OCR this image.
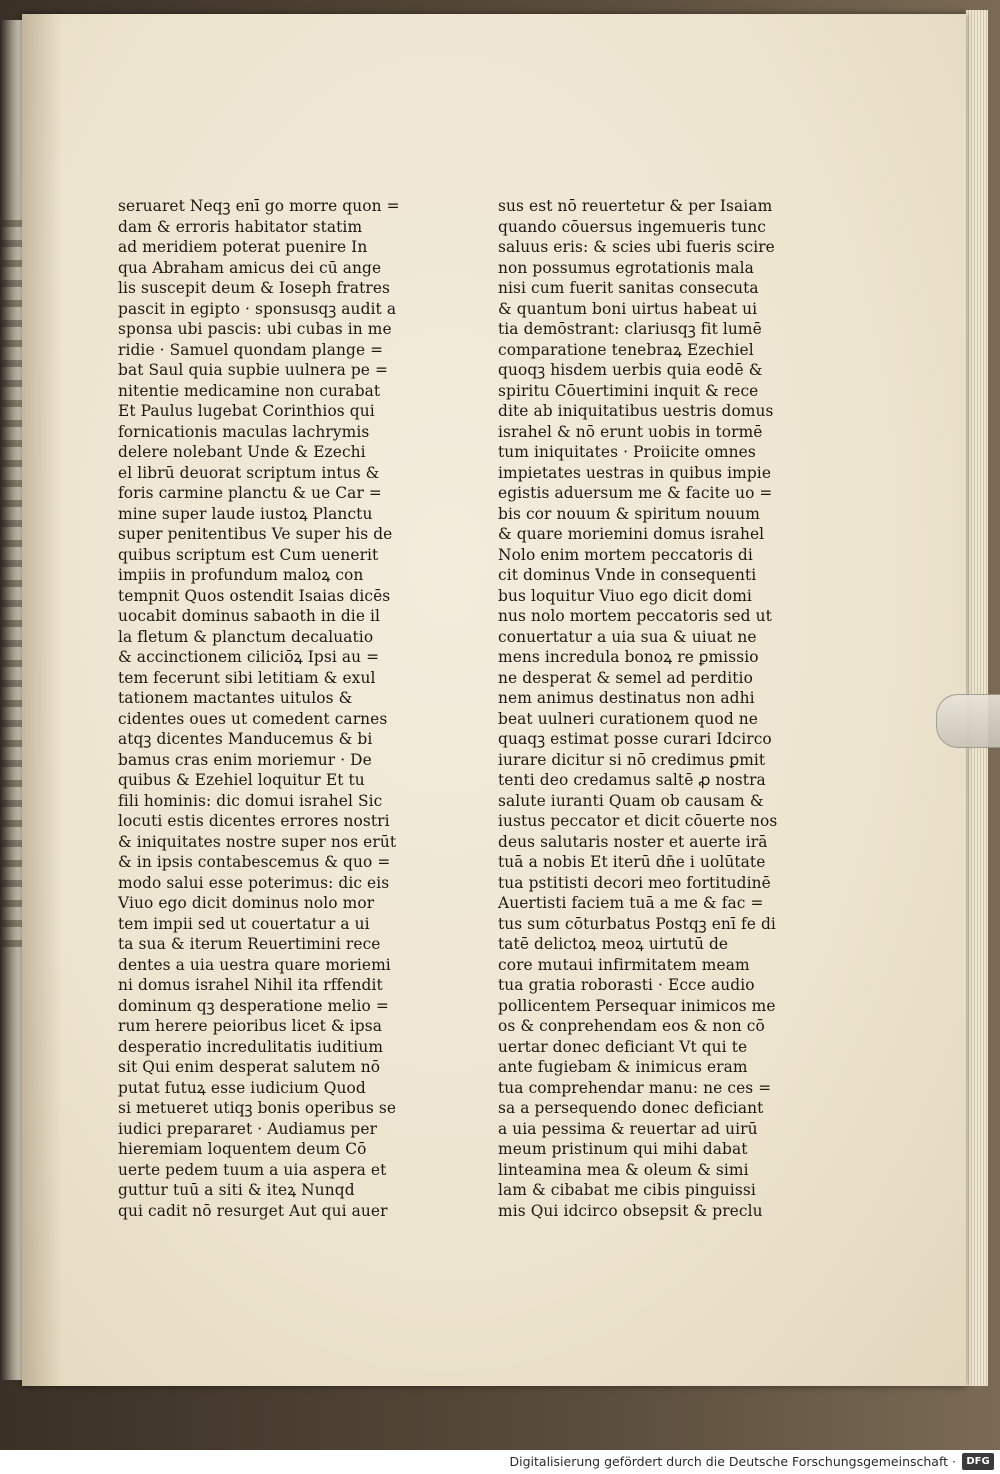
seruaret Neqꝫ enī go morre quon =
dam & erroris habitator statim
ad meridiem poterat puenire In
qua Abraham amicus dei cū ange
lis suscepit deum & Ioseph fratres
pascit in egipto · sponsusqꝫ audit a
sponsa ubi pascis: ubi cubas in me
ridie · Samuel quondam plange =
bat Saul quia supbie uulnera pe =
nitentie medicamine non curabat
Et Paulus lugebat Corinthios qui
fornicationis maculas lachrymis
delere nolebant Unde & Ezechi
el librū deuorat scriptum intus &
foris carmine planctu & ue Car =
mine super laude iustoꝝ Planctu
super penitentibus Ve super his de
quibus scriptum est Cum uenerit
impiis in profundum maloꝝ con
tempnit Quos ostendit Isaias dicēs
uocabit dominus sabaoth in die il
la fletum & planctum decaluatio
& accinctionem ciliciōꝝ Ipsi au =
tem fecerunt sibi letitiam & exul
tationem mactantes uitulos &
cidentes oues ut comedent carnes
atqꝫ dicentes Manducemus & bi
bamus cras enim moriemur · De
quibus & Ezehiel loquitur Et tu
fili hominis: dic domui israhel Sic
locuti estis dicentes errores nostri
& iniquitates nostre super nos erūt
& in ipsis contabescemus & quo =
modo salui esse poterimus: dic eis
Viuo ego dicit dominus nolo mor
tem impii sed ut couertatur a ui
ta sua & iterum Reuertimini rece
dentes a uia uestra quare moriemi
ni domus israhel Nihil ita rffendit
dominum qꝫ desperatione melio =
rum herere peioribus licet & ipsa
desperatio incredulitatis iuditium
sit Qui enim desperat salutem nō
putat futuꝝ esse iudicium Quod
si metueret utiqꝫ bonis operibus se
iudici prepararet · Audiamus per
hieremiam loquentem deum Cō
uerte pedem tuum a uia aspera et
guttur tuū a siti & iteꝝ Nunqd
qui cadit nō resurget Aut qui auer
sus est nō reuertetur & per Isaiam
quando cōuersus ingemueris tunc
saluus eris: & scies ubi fueris scire
non possumus egrotationis mala
nisi cum fuerit sanitas consecuta
& quantum boni uirtus habeat ui
tia demōstrant: clariusqꝫ fit lumē
comparatione tenebraꝝ Ezechiel
quoqꝫ hisdem uerbis quia eodē &
spiritu Cōuertimini inquit & rece
dite ab iniquitatibus uestris domus
israhel & nō erunt uobis in tormē
tum iniquitates · Proiicite omnes
impietates uestras in quibus impie
egistis aduersum me & facite uo =
bis cor nouum & spiritum nouum
& quare moriemini domus israhel
Nolo enim mortem peccatoris di
cit dominus Vnde in consequenti
bus loquitur Viuo ego dicit domi
nus nolo mortem peccatoris sed ut
conuertatur a uia sua & uiuat ne
mens incredula bonoꝝ re ꝑmissio
ne desperat & semel ad perditio
nem animus destinatus non adhi
beat uulneri curationem quod ne
quaqꝫ estimat posse curari Idcirco
iurare dicitur si nō credimus ꝑmit
tenti deo credamus saltē ꝓ nostra
salute iuranti Quam ob causam &
iustus peccator et dicit cōuerte nos
deus salutaris noster et auerte irā
tuā a nobis Et iterū dn̄e i uolūtate
tua pstitisti decori meo fortitudinē
Auertisti faciem tuā a me & fac =
tus sum cōturbatus Postqꝫ enī fe di
tatē delictoꝝ meoꝝ uirtutū de
core mutaui infirmitatem meam
tua gratia roborasti · Ecce audio
pollicentem Persequar inimicos me
os & conprehendam eos & non cō
uertar donec deficiant Vt qui te
ante fugiebam & inimicus eram
tua comprehendar manu: ne ces =
sa a persequendo donec deficiant
a uia pessima & reuertar ad uirū
meum pristinum qui mihi dabat
linteamina mea & oleum & simi
lam & cibabat me cibis pinguissi
mis Qui idcirco obsepsit & preclu
Digitalisierung gefördert durch die Deutsche Forschungsgemeinschaft ·	DFG
